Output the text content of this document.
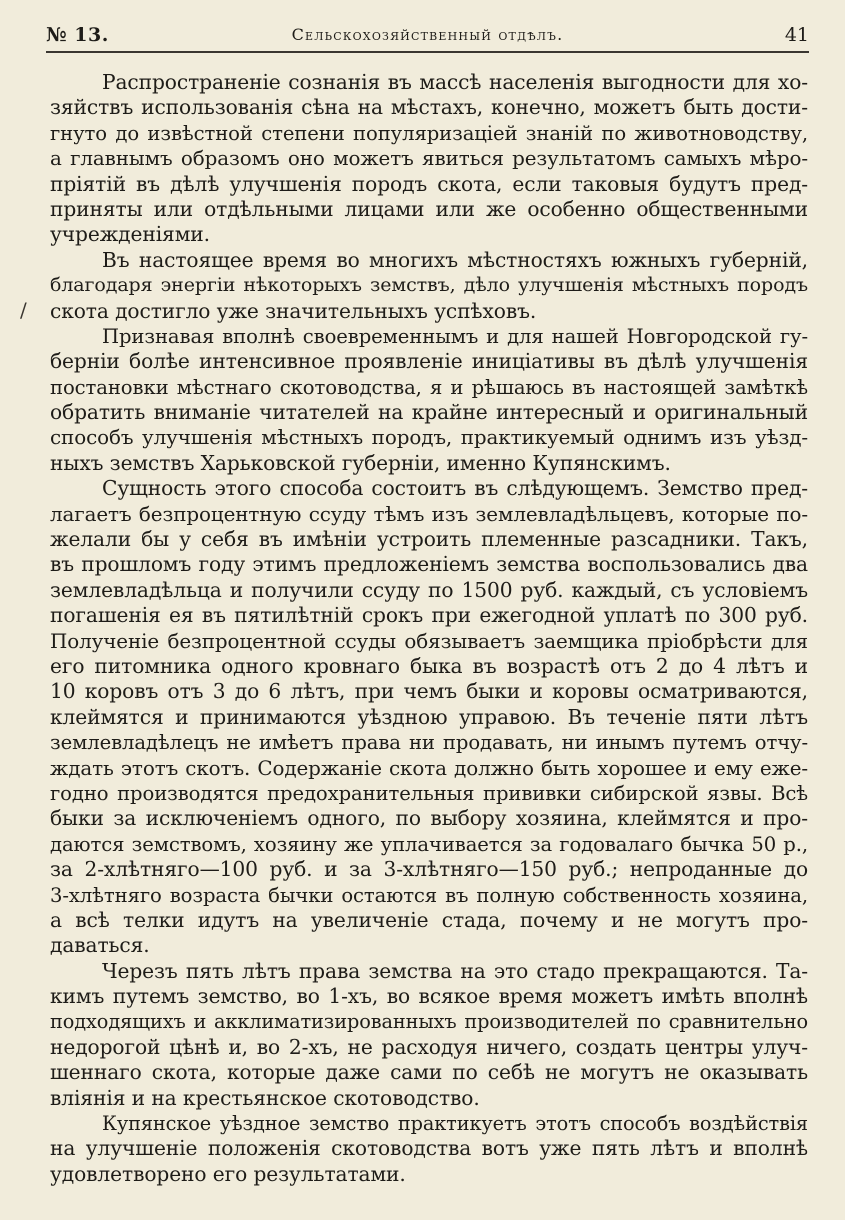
№ 13.	Сельскохозяйственный отдѣлъ.	41
/
Распространеніе сознанія въ массѣ населенія выгодности для хо-
зяйствъ использованія сѣна на мѣстахъ, конечно, можетъ быть дости-
гнуто до извѣстной степени популяризаціей знаній по животноводству,
а главнымъ образомъ оно можетъ явиться результатомъ самыхъ мѣро-
пріятій въ дѣлѣ улучшенія породъ скота, если таковыя будутъ пред-
приняты или отдѣльными лицами или же особенно общественными
учрежденіями.
Въ настоящее время во многихъ мѣстностяхъ южныхъ губерній,
благодаря энергіи нѣкоторыхъ земствъ, дѣло улучшенія мѣстныхъ породъ
скота достигло уже значительныхъ успѣховъ.
Признавая вполнѣ своевременнымъ и для нашей Новгородской гу-
берніи болѣе интенсивное проявленіе иниціативы въ дѣлѣ улучшенія
постановки мѣстнаго скотоводства, я и рѣшаюсь въ настоящей замѣткѣ
обратить вниманіе читателей на крайне интересный и оригинальный
способъ улучшенія мѣстныхъ породъ, практикуемый однимъ изъ уѣзд-
ныхъ земствъ Харьковской губерніи, именно Купянскимъ.
Сущность этого способа состоитъ въ слѣдующемъ. Земство пред-
лагаетъ безпроцентную ссуду тѣмъ изъ землевладѣльцевъ, которые по-
желали бы у себя въ имѣніи устроить племенные разсадники. Такъ,
въ прошломъ году этимъ предложеніемъ земства воспользовались два
землевладѣльца и получили ссуду по 1500 руб. каждый, съ условіемъ
погашенія ея въ пятилѣтній срокъ при ежегодной уплатѣ по 300 руб.
Полученіе безпроцентной ссуды обязываетъ заемщика пріобрѣсти для
его питомника одного кровнаго быка въ возрастѣ отъ 2 до 4 лѣтъ и
10 коровъ отъ 3 до 6 лѣтъ, при чемъ быки и коровы осматриваются,
клеймятся и принимаются уѣздною управою. Въ теченіе пяти лѣтъ
землевладѣлецъ не имѣетъ права ни продавать, ни инымъ путемъ отчу-
ждать этотъ скотъ. Содержаніе скота должно быть хорошее и ему еже-
годно производятся предохранительныя прививки сибирской язвы. Всѣ
быки за исключеніемъ одного, по выбору хозяина, клеймятся и про-
даются земствомъ, хозяину же уплачивается за годовалаго бычка 50 р.,
за 2-хлѣтняго—100 руб. и за 3-хлѣтняго—150 руб.; непроданные до
3-хлѣтняго возраста бычки остаются въ полную собственность хозяина,
а всѣ телки идутъ на увеличеніе стада, почему и не могутъ про-
даваться.
Черезъ пять лѣтъ права земства на это стадо прекращаются. Та-
кимъ путемъ земство, во 1-хъ, во всякое время можетъ имѣть вполнѣ
подходящихъ и акклиматизированныхъ производителей по сравнительно
недорогой цѣнѣ и, во 2-хъ, не расходуя ничего, создать центры улуч-
шеннаго скота, которые даже сами по себѣ не могутъ не оказывать
вліянія и на крестьянское скотоводство.
Купянское уѣздное земство практикуетъ этотъ способъ воздѣйствія
на улучшеніе положенія скотоводства вотъ уже пять лѣтъ и вполнѣ
удовлетворено его результатами.
